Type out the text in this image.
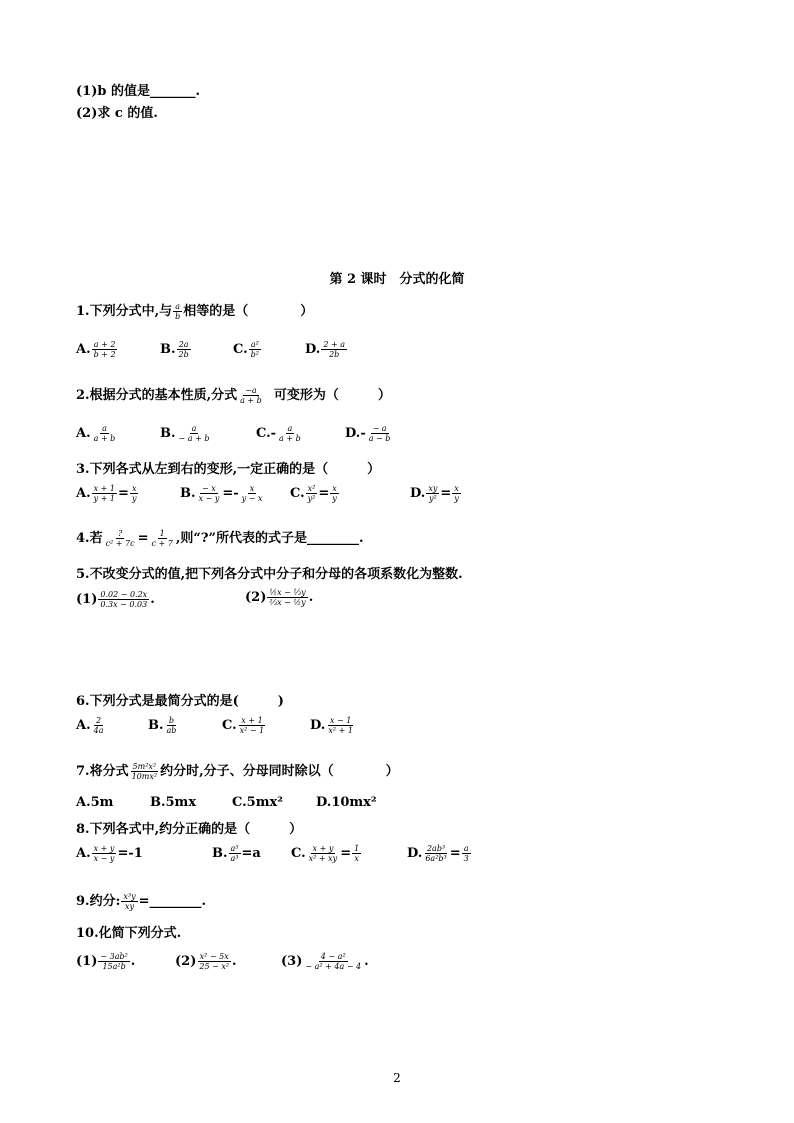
(1)b 的值是_______.
(2)求 c 的值.
第 2 课时　分式的化简
1.下列分式中,与 $\frac{a}{b}$ 相等的是（　　　　）
A. $\frac{a + 2}{b + 2}$	B. $\frac{2a}{2b}$	C. $\frac{\text{a²}}{\text{b²}}$	D. $\frac{2 + a}{2b}$
2.根据分式的基本性质,分式 $\frac{-a}{a + b}$ 可变形为（　　　）
A. $\frac{a}{a + b}$	B. $\frac{a}{- a + b}$	$C.- \frac{a}{a + b}$	$D.- \frac{- a}{a - b}$
3.下列各式从左到右的变形,一定正确的是（　　　）
A. $\frac{x + 1}{y + 1} = \frac{x}{y}$	B. $\frac{- x}{x - y} =- \frac{x}{y - x} C$. $\frac{\text{x²}}{\text{y²}} = \frac{x}{y}$	D. $\frac{xy}{\text{y²}} = \frac{x}{y}$
4.若 $\frac{?}{\text{c² + 7c}} = \frac{1}{c + 7}$ ,则“?”所代表的式子是________.
5.不改变分式的值,把下列各分式中分子和分母的各项系数化为整数.
$(1) \frac{0.02 - 0.2x}{0.3x - 0.03}$ .	$(2) \frac{\text{½x − ⅓y}}{\text{⅔x − ½y}}$ .
6.下列分式是最简分式的是(　　　)
A. $\frac{2}{4a}$	B. $\frac{b}{ab}$	C. $\frac{x + 1}{\text{x² − 1}}$	D. $\frac{x - 1}{\text{x² + 1}}$
7.将分式 $\frac{\text{5m²x²}}{\text{10mx²}}$ 约分时,分子、分母同时除以（　　　　）
A.5m	B.5mx	C.5mx²	D.10mx²
8.下列各式中,约分正确的是（　　　）
A. $\frac{x + y}{x - y} =-1$	B. $\frac{\text{a⁵}}{\text{a³}} =a$ C. $\frac{x + y}{\text{x² + xy}} = \frac{1}{x}$	D. $\frac{\text{2ab³}}{\text{6a²b³}} = \frac{a}{3}$
9.约分: $\frac{\text{x³y}}{xy}$ =________.
10.化简下列分式.
$(1) \frac{\text{− 3ab²}}{\text{15a²b}}$ .	$(2) \frac{\text{x² − 5x}}{\text{25 − x²}}$ .	$(3) \frac{\text{4 − a²}}{\text{− a² + 4a − 4}}$ .
2
